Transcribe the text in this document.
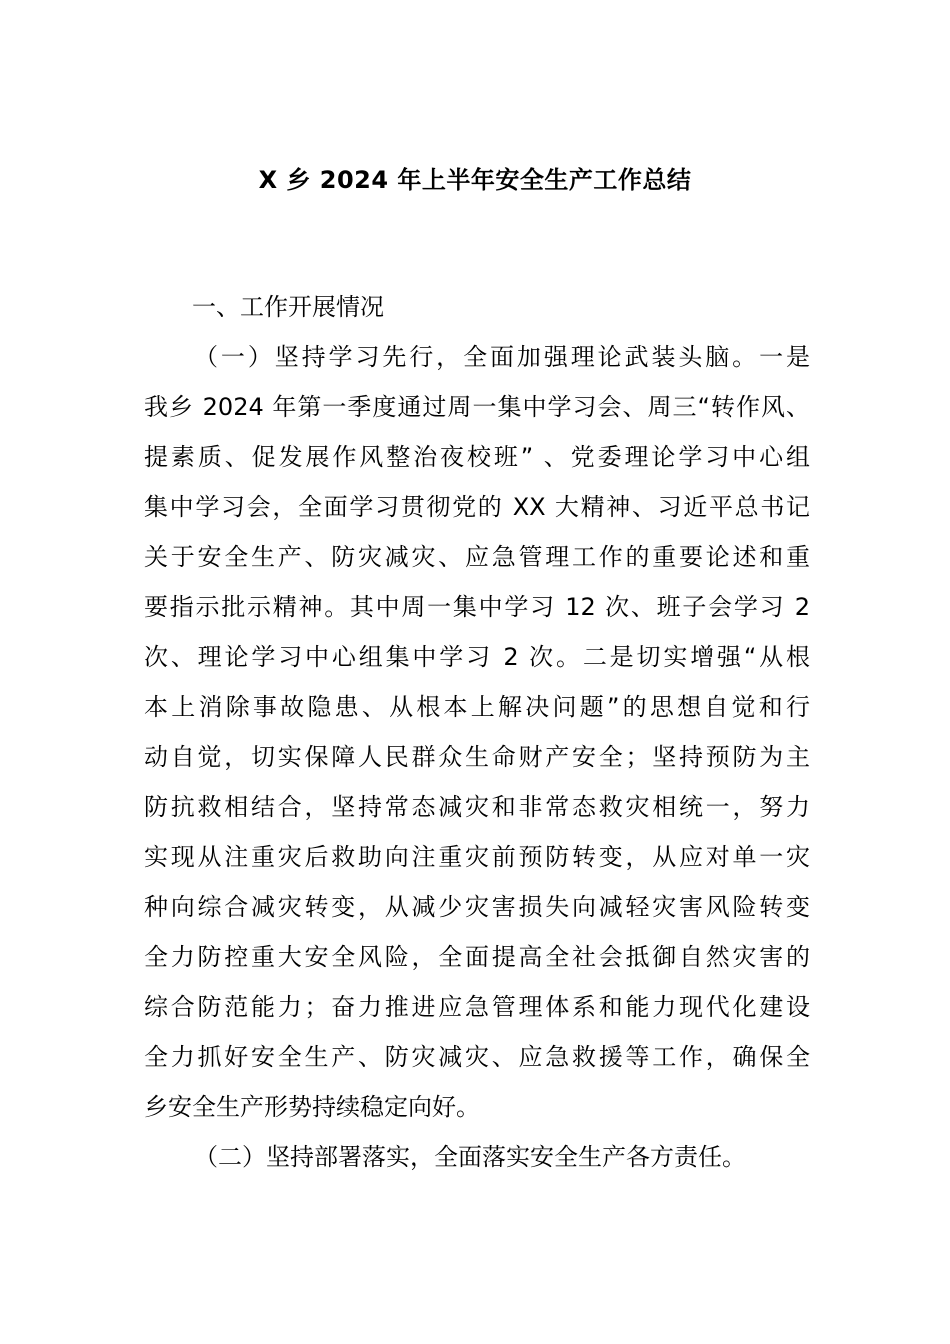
X 乡 2024 年上半年安全生产工作总结
一、工作开展情况
（一）坚持学习先行，全面加强理论武装头脑。一是
我乡 2024 年第一季度通过周一集中学习会、周三“转作风、
提素质、促发展作风整治夜校班” 、党委理论学习中心组
集中学习会，全面学习贯彻党的 XX 大精神、习近平总书记
关于安全生产、防灾减灾、应急管理工作的重要论述和重
要指示批示精神。其中周一集中学习 12 次、班子会学习 2
次、理论学习中心组集中学习 2 次。二是切实增强“从根
本上消除事故隐患、从根本上解决问题”的思想自觉和行
动自觉，切实保障人民群众生命财产安全；坚持预防为主
防抗救相结合，坚持常态减灾和非常态救灾相统一，努力
实现从注重灾后救助向注重灾前预防转变，从应对单一灾
种向综合减灾转变，从减少灾害损失向减轻灾害风险转变
全力防控重大安全风险，全面提高全社会抵御自然灾害的
综合防范能力；奋力推进应急管理体系和能力现代化建设
全力抓好安全生产、防灾减灾、应急救援等工作，确保全
乡安全生产形势持续稳定向好。
（二）坚持部署落实，全面落实安全生产各方责任。
